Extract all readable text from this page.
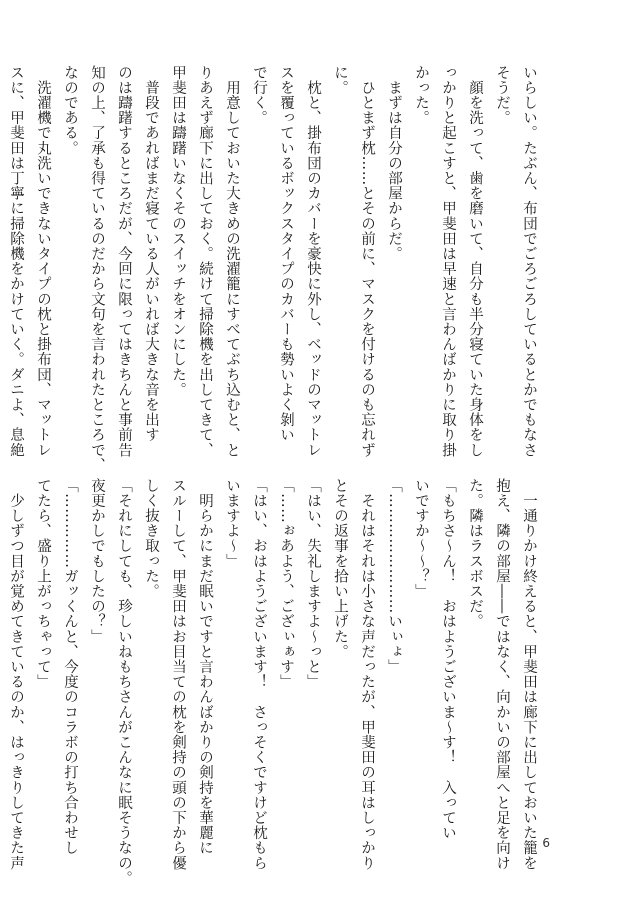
いらしい。たぶん、布団でごろごろしているとかでもなさ
そうだ。
　顔を洗って、歯を磨いて、自分も半分寝ていた身体をし
っかりと起こすと、甲斐田は早速と言わんばかりに取り掛
かった。
　まずは自分の部屋からだ。
　ひとまず枕……とその前に、マスクを付けるのも忘れず
に。
　枕と、掛布団のカバーを豪快に外し、ベッドのマットレ
スを覆っているボックスタイプのカバーも勢いよく剝い
で行く。
　用意しておいた大きめの洗濯籠にすべてぶち込むと、と
りあえず廊下に出しておく。続けて掃除機を出してきて、
甲斐田は躊躇いなくそのスイッチをオンにした。
　普段であればまだ寝ている人がいれば大きな音を出す
のは躊躇するところだが、今回に限ってはきちんと事前告
知の上、了承も得ているのだから文句を言われたところで、
なのである。
　洗濯機で丸洗いできないタイプの枕と掛布団、マットレ
スに、甲斐田は丁寧に掃除機をかけていく。ダニよ、息絶
　一通りかけ終えると、甲斐田は廊下に出しておいた籠を
抱え、隣の部屋――ではなく、向かいの部屋へと足を向け
た。隣はラスボスだ。
「もちさ～ん！　おはようございま～す！　入ってい
いですか～～？」
「……………………いぃょ」
　それはそれは小さな声だったが、甲斐田の耳はしっかり
とその返事を拾い上げた。
「はい、失礼しますよ～っと」
「……ぉあよう、ござぃぁす」
「はい、おはようございます！　さっそくですけど枕もら
いますよ～」
　明らかにまだ眠いですと言わんばかりの剣持を華麗に
スルーして、甲斐田はお目当ての枕を剣持の頭の下から優
しく抜き取った。
「それにしても、珍しいねもちさんがこんなに眠そうなの。
夜更かしでもしたの？」
「……………ガッくんと、今度のコラボの打ち合わせし
てたら、盛り上がっちゃって」
　少しずつ目が覚めてきているのか、はっきりしてきた声	6
